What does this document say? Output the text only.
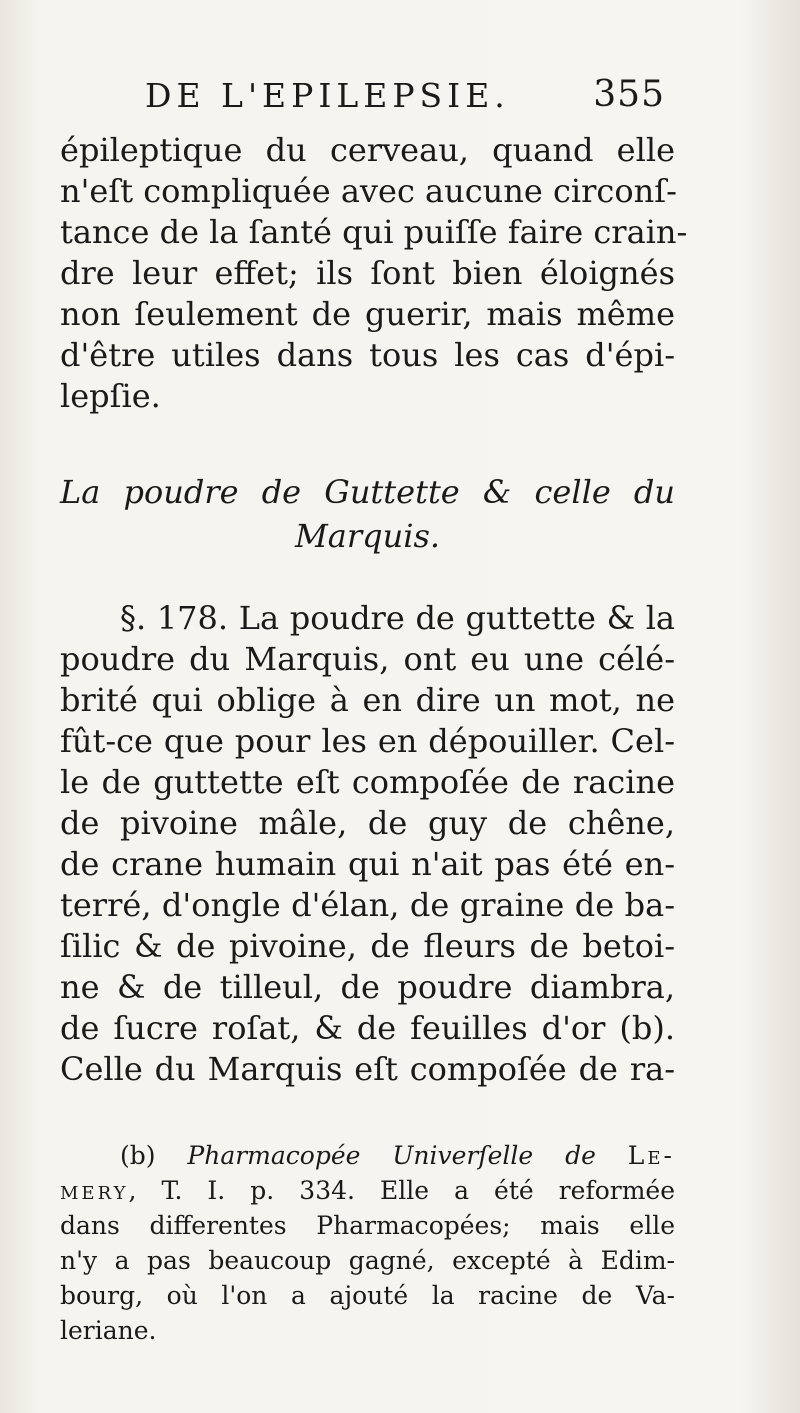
DE L'EPILEPSIE. 355
épileptique du cerveau, quand elle
n'eſt compliquée avec aucune circonſ-
tance de la ſanté qui puiſſe faire crain-
dre leur effet; ils ſont bien éloignés
non ſeulement de guerir, mais même
d'être utiles dans tous les cas d'épi-
lepſie.
La poudre de Guttette & celle du
Marquis.
§. 178. La poudre de guttette & la
poudre du Marquis, ont eu une célé-
brité qui oblige à en dire un mot, ne
fût-ce que pour les en dépouiller. Cel-
le de guttette eſt compoſée de racine
de pivoine mâle, de guy de chêne,
de crane humain qui n'ait pas été en-
terré, d'ongle d'élan, de graine de ba-
ſilic & de pivoine, de fleurs de betoi-
ne & de tilleul, de poudre diambra,
de ſucre roſat, & de feuilles d'or (b).
Celle du Marquis eſt compoſée de ra-
(b) Pharmacopée Univerſelle de Le-
mery, T. I. p. 334. Elle a été reformée
dans differentes Pharmacopées; mais elle
n'y a pas beaucoup gagné, excepté à Edim-
bourg, où l'on a ajouté la racine de Va-
leriane.
